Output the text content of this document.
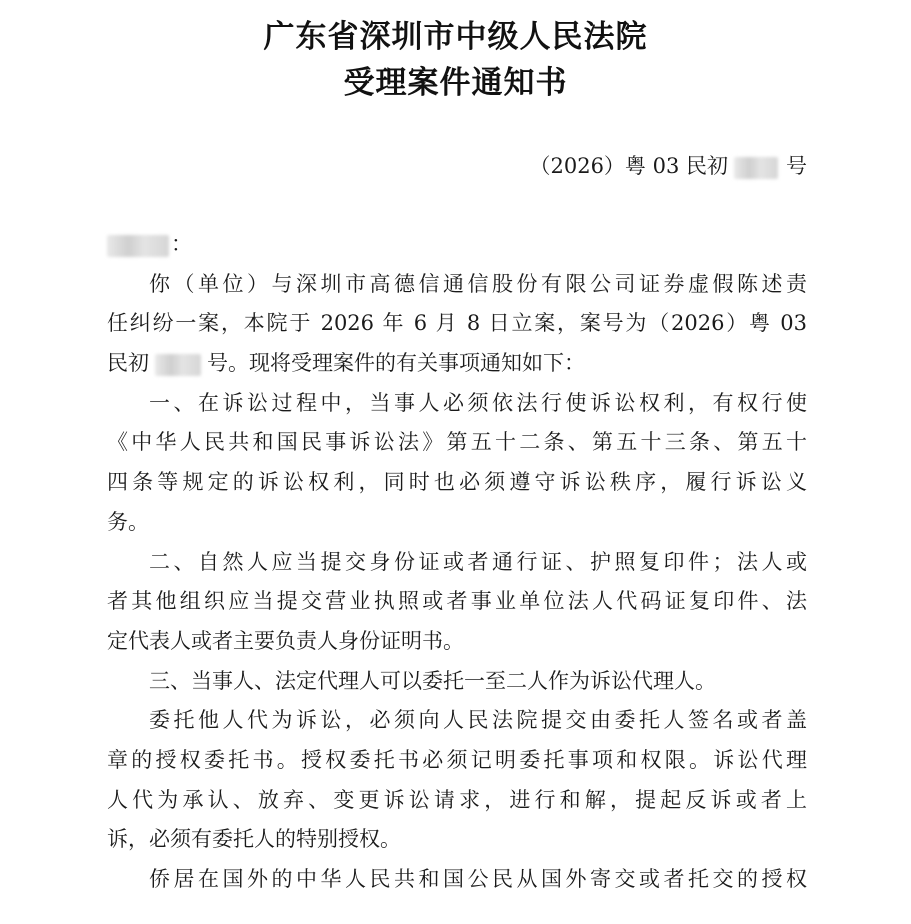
广东省深圳市中级人民法院
受理案件通知书
（2026）粤 03 民初	号
：
你（单位）与深圳市高德信通信股份有限公司证券虚假陈述责
任纠纷一案，本院于 2026 年 6 月 8 日立案，案号为（2026）粤 03
民初	号。现将受理案件的有关事项通知如下：
一、在诉讼过程中，当事人必须依法行使诉讼权利，有权行使
《中华人民共和国民事诉讼法》第五十二条、第五十三条、第五十
四条等规定的诉讼权利，同时也必须遵守诉讼秩序，履行诉讼义
务。
二、自然人应当提交身份证或者通行证、护照复印件；法人或
者其他组织应当提交营业执照或者事业单位法人代码证复印件、法
定代表人或者主要负责人身份证明书。
三、当事人、法定代理人可以委托一至二人作为诉讼代理人。
委托他人代为诉讼，必须向人民法院提交由委托人签名或者盖
章的授权委托书。授权委托书必须记明委托事项和权限。诉讼代理
人代为承认、放弃、变更诉讼请求，进行和解，提起反诉或者上
诉，必须有委托人的特别授权。
侨居在国外的中华人民共和国公民从国外寄交或者托交的授权
